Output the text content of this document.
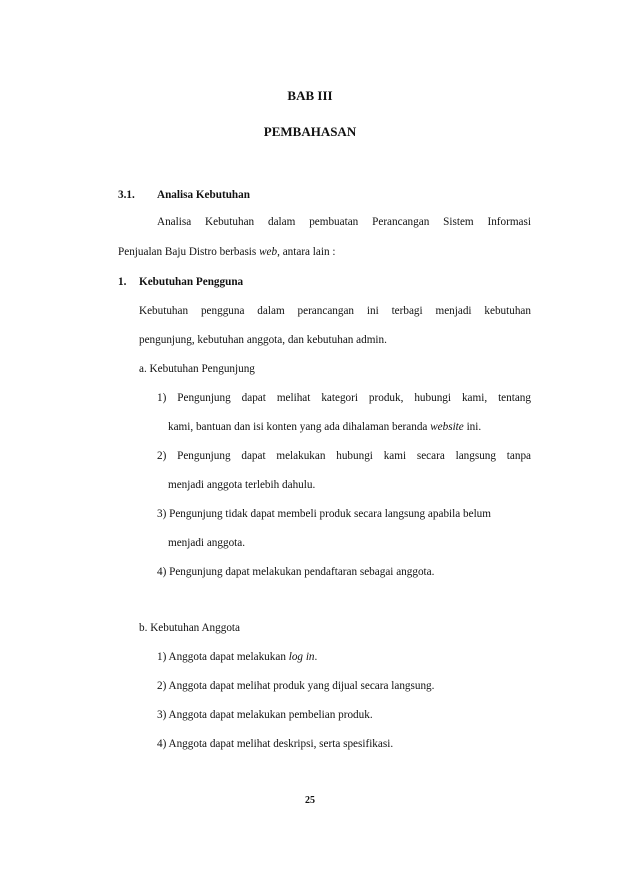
BAB III
PEMBAHASAN
3.1. Analisa Kebutuhan
Analisa Kebutuhan dalam pembuatan Perancangan Sistem Informasi
Penjualan Baju Distro berbasis web, antara lain :
1. Kebutuhan Pengguna
Kebutuhan pengguna dalam perancangan ini terbagi menjadi kebutuhan
pengunjung, kebutuhan anggota, dan kebutuhan admin.
a. Kebutuhan Pengunjung
1) Pengunjung dapat melihat kategori produk, hubungi kami, tentang
kami, bantuan dan isi konten yang ada dihalaman beranda website ini.
2) Pengunjung dapat melakukan hubungi kami secara langsung tanpa
menjadi anggota terlebih dahulu.
3) Pengunjung tidak dapat membeli produk secara langsung apabila belum
menjadi anggota.
4) Pengunjung dapat melakukan pendaftaran sebagai anggota.
b. Kebutuhan Anggota
1) Anggota dapat melakukan log in.
2) Anggota dapat melihat produk yang dijual secara langsung.
3) Anggota dapat melakukan pembelian produk.
4) Anggota dapat melihat deskripsi, serta spesifikasi.
25
